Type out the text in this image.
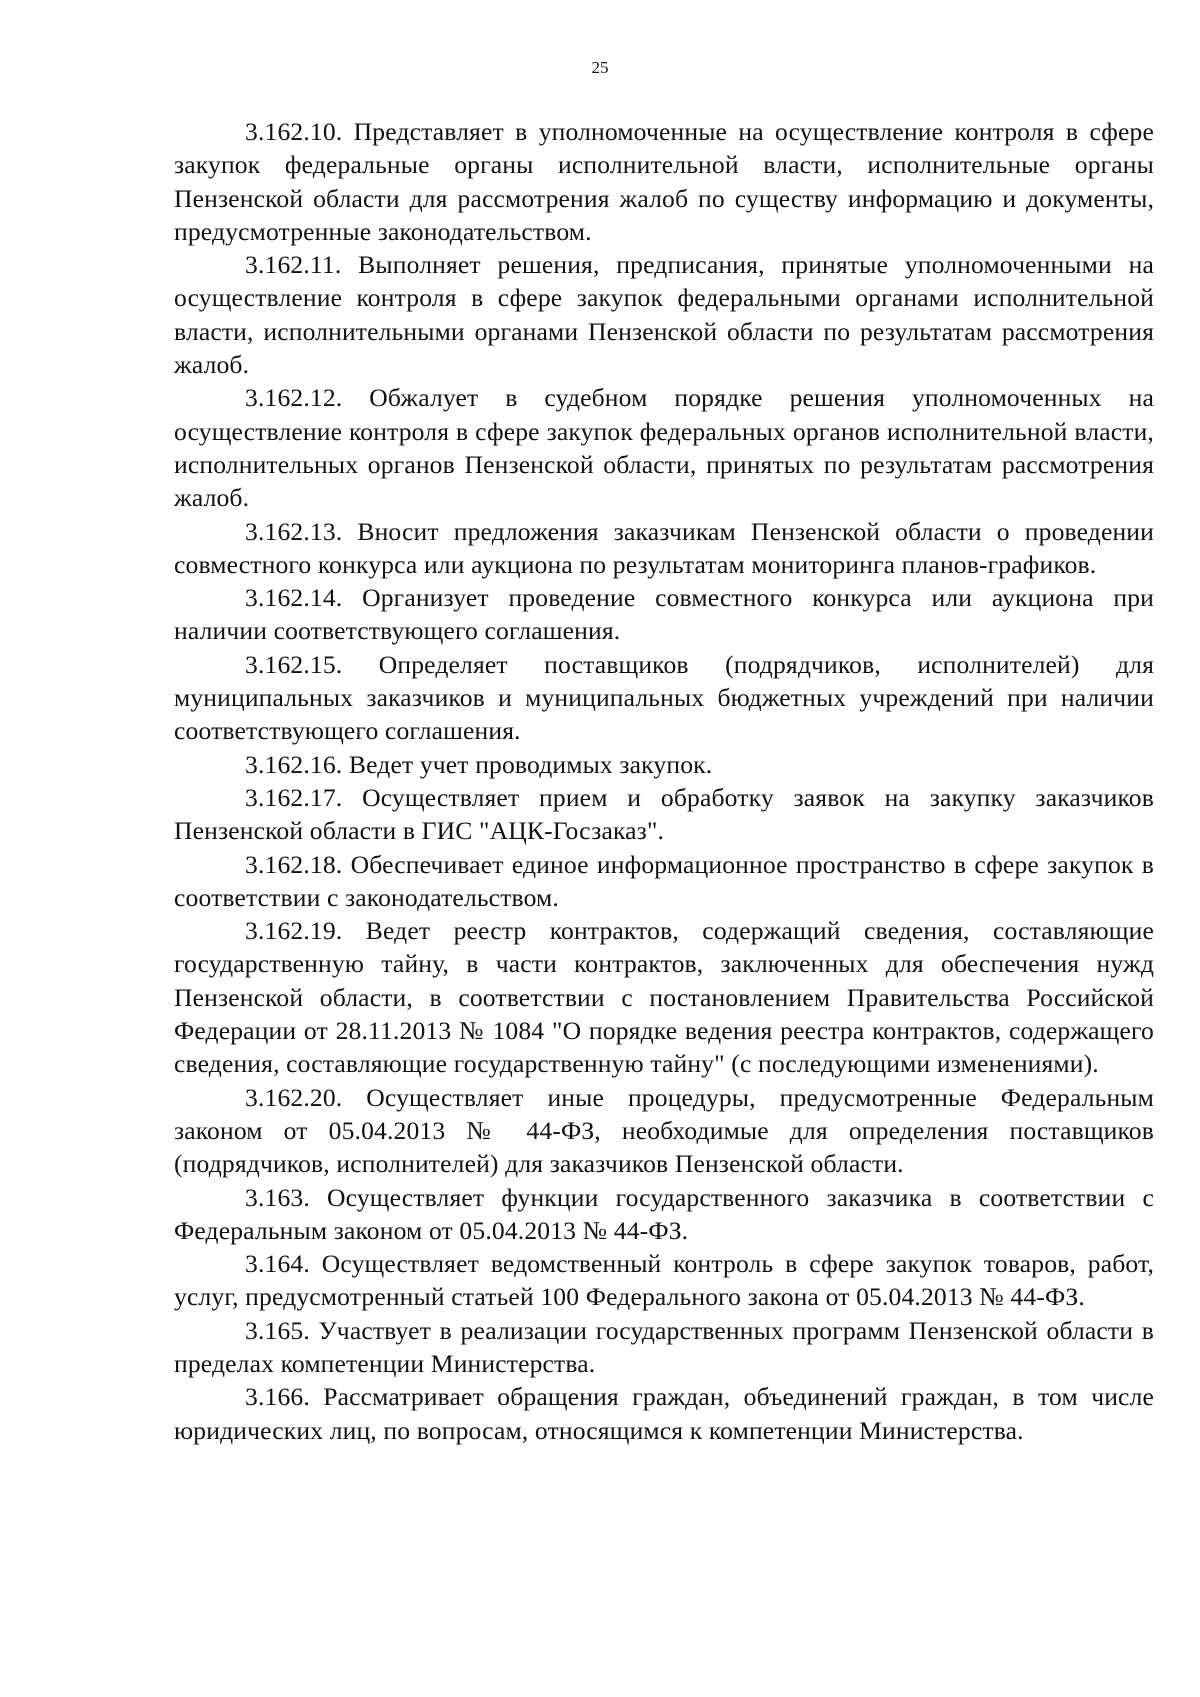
25

3.162.10. Представляет в уполномоченные на осуществление контроля в сфере закупок федеральные органы исполнительной власти, исполнительные органы Пензенской области для рассмотрения жалоб по существу информацию и документы, предусмотренные законодательством.

3.162.11. Выполняет решения, предписания, принятые уполномоченными на осуществление контроля в сфере закупок федеральными органами исполнительной власти, исполнительными органами Пензенской области по результатам рассмотрения жалоб.

3.162.12. Обжалует в судебном порядке решения уполномоченных на осуществление контроля в сфере закупок федеральных органов исполнительной власти, исполнительных органов Пензенской области, принятых по результатам рассмотрения жалоб.

3.162.13. Вносит предложения заказчикам Пензенской области о проведении совместного конкурса или аукциона по результатам мониторинга планов-графиков.

3.162.14. Организует проведение совместного конкурса или аукциона при наличии соответствующего соглашения.

3.162.15. Определяет поставщиков (подрядчиков, исполнителей) для муниципальных заказчиков и муниципальных бюджетных учреждений при наличии соответствующего соглашения.

3.162.16. Ведет учет проводимых закупок.

3.162.17. Осуществляет прием и обработку заявок на закупку заказчиков Пензенской области в ГИС "АЦК-Госзаказ".

3.162.18. Обеспечивает единое информационное пространство в сфере закупок в соответствии с законодательством.

3.162.19. Ведет реестр контрактов, содержащий сведения, составляющие государственную тайну, в части контрактов, заключенных для обеспечения нужд Пензенской области, в соответствии с постановлением Правительства Российской Федерации от 28.11.2013 № 1084 "О порядке ведения реестра контрактов, содержащего сведения, составляющие государственную тайну" (с последующими изменениями).

3.162.20. Осуществляет иные процедуры, предусмотренные Федеральным законом от 05.04.2013 № 44-ФЗ, необходимые для определения поставщиков (подрядчиков, исполнителей) для заказчиков Пензенской области.

3.163. Осуществляет функции государственного заказчика в соответствии с Федеральным законом от 05.04.2013 № 44-ФЗ.

3.164. Осуществляет ведомственный контроль в сфере закупок товаров, работ, услуг, предусмотренный статьей 100 Федерального закона от 05.04.2013 № 44-ФЗ.

3.165. Участвует в реализации государственных программ Пензенской области в пределах компетенции Министерства.

3.166. Рассматривает обращения граждан, объединений граждан, в том числе юридических лиц, по вопросам, относящимся к компетенции Министерства.
